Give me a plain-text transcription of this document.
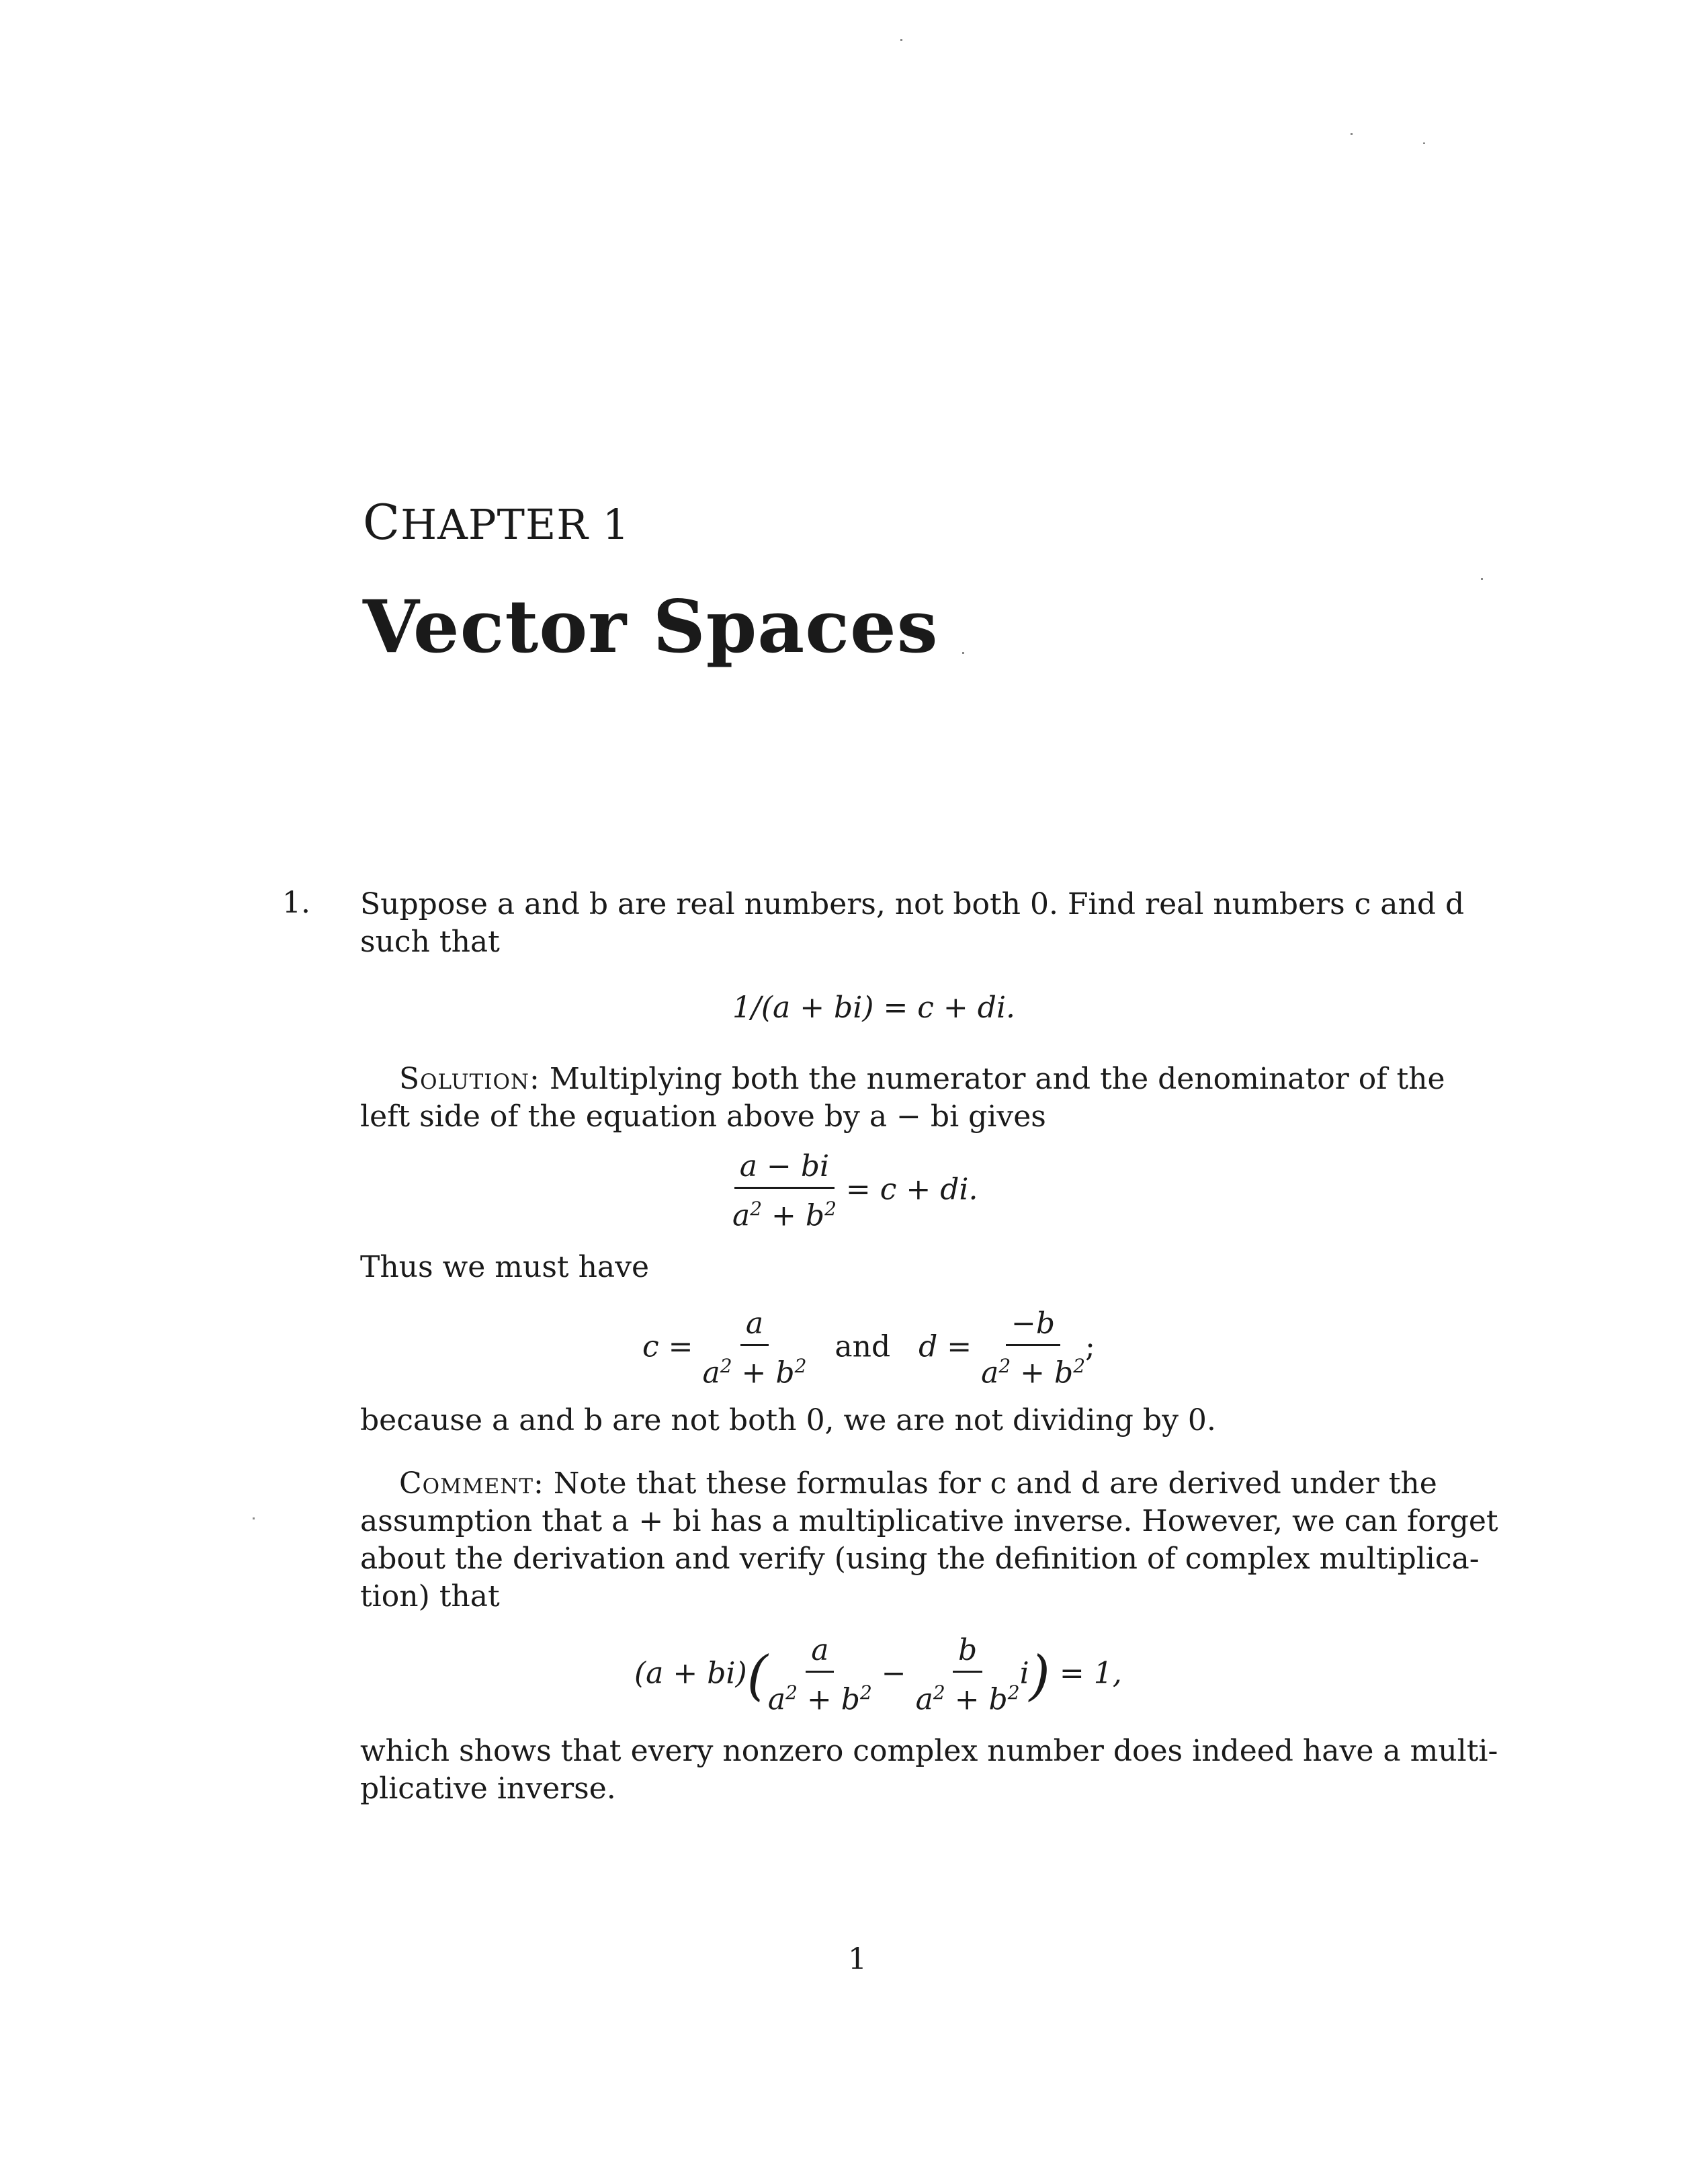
CHAPTER 1
Vector Spaces
1. Suppose a and b are real numbers, not both 0. Find real numbers c and d
such that
1/(a + bi) = c + di.
Solution: Multiplying both the numerator and the denominator of the
left side of the equation above by a − bi gives
$\frac{a - bi}{a^2 + b^2} = c$ + di.
Thus we must have
$c = \frac{a}{a^2 + b^2}$ and $d = \frac{-b}{a^2 + b^2}$ ;
because a and b are not both 0, we are not dividing by 0.
Comment: Note that these formulas for c and d are derived under the
assumption that a + bi has a multiplicative inverse. However, we can forget
about the derivation and verify (using the definition of complex multiplica-
tion) that
$(a + bi)( \frac{a}{a^2 + b^2} - \frac{b}{a^2 + b^2} i) = 1$,
which shows that every nonzero complex number does indeed have a multi-
plicative inverse.
1
